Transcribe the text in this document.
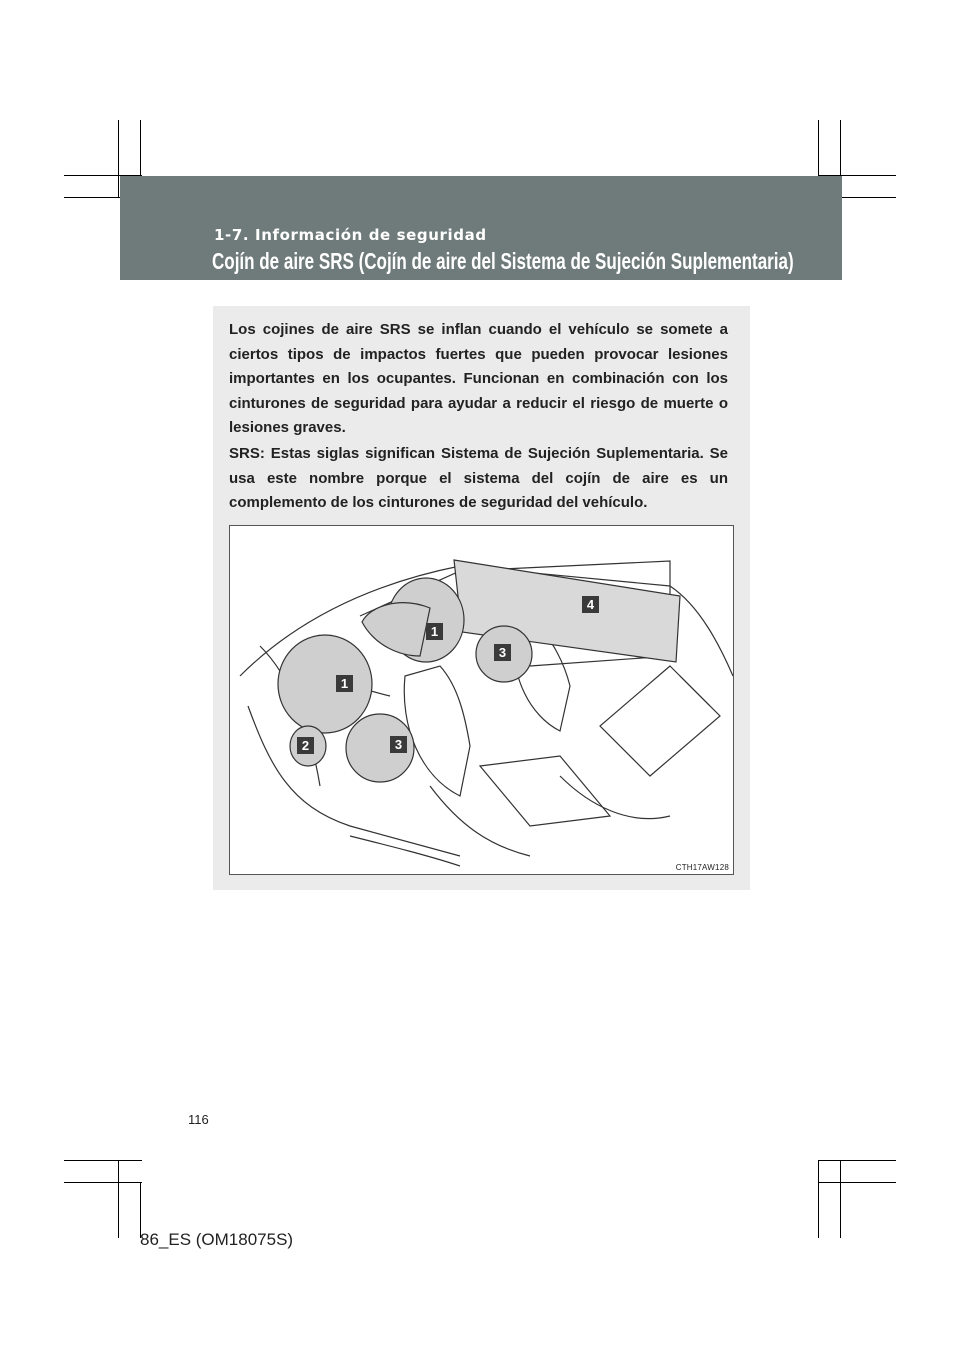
1-7. Información de seguridad
Cojín de aire SRS (Cojín de aire del Sistema de Sujeción Suplementaria)

Los cojines de aire SRS se inflan cuando el vehículo se somete a ciertos tipos de impactos fuertes que pueden provocar lesiones importantes en los ocupantes. Funcionan en combinación con los cinturones de seguridad para ayudar a reducir el riesgo de muerte o lesiones graves.

SRS: Estas siglas significan Sistema de Sujeción Suplementaria. Se usa este nombre porque el sistema del cojín de aire es un complemento de los cinturones de seguridad del vehículo.

1
1
2
3
3
4
CTH17AW128
116
86_ES (OM18075S)
